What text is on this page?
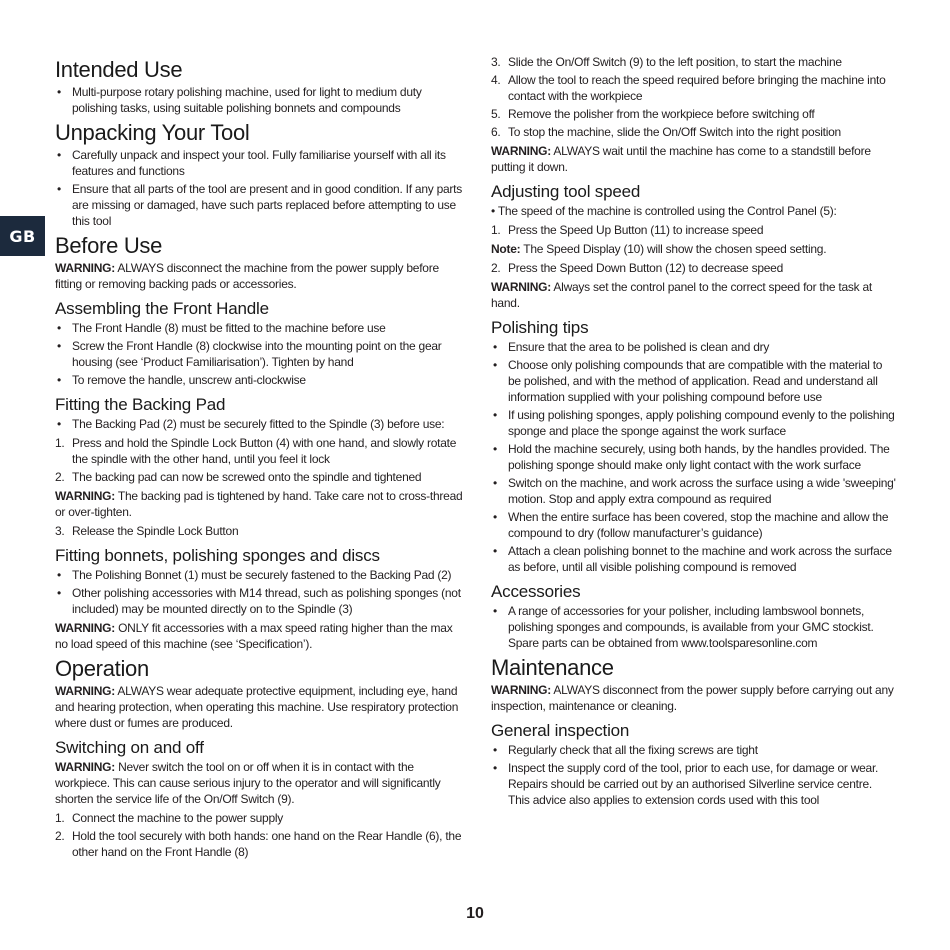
GB
Intended Use
• Multi-purpose rotary polishing machine, used for light to medium duty polishing tasks, using suitable polishing bonnets and compounds
Unpacking Your Tool
• Carefully unpack and inspect your tool. Fully familiarise yourself with all its features and functions
• Ensure that all parts of the tool are present and in good condition. If any parts are missing or damaged, have such parts replaced before attempting to use this tool
Before Use

WARNING: ALWAYS disconnect the machine from the power supply before fitting or removing backing pads or accessories.

Assembling the Front Handle
• The Front Handle (8) must be fitted to the machine before use
• Screw the Front Handle (8) clockwise into the mounting point on the gear housing (see ‘Product Familiarisation’). Tighten by hand
• To remove the handle, unscrew anti-clockwise
Fitting the Backing Pad
• The Backing Pad (2) must be securely fitted to the Spindle (3) before use:
1. Press and hold the Spindle Lock Button (4) with one hand, and slowly rotate the spindle with the other hand, until you feel it lock
2. The backing pad can now be screwed onto the spindle and tightened

WARNING: The backing pad is tightened by hand. Take care not to cross-thread or over-tighten.

3. Release the Spindle Lock Button
Fitting bonnets, polishing sponges and discs
• The Polishing Bonnet (1) must be securely fastened to the Backing Pad (2)
• Other polishing accessories with M14 thread, such as polishing sponges (not included) may be mounted directly on to the Spindle (3)

WARNING: ONLY fit accessories with a max speed rating higher than the max no load speed of this machine (see ‘Specification’).

Operation

WARNING: ALWAYS wear adequate protective equipment, including eye, hand and hearing protection, when operating this machine. Use respiratory protection where dust or fumes are produced.

Switching on and off

WARNING: Never switch the tool on or off when it is in contact with the workpiece. This can cause serious injury to the operator and will significantly shorten the service life of the On/Off Switch (9).

1. Connect the machine to the power supply
2. Hold the tool securely with both hands: one hand on the Rear Handle (6), the other hand on the Front Handle (8)
3. Slide the On/Off Switch (9) to the left position, to start the machine
4. Allow the tool to reach the speed required before bringing the machine into contact with the workpiece
5. Remove the polisher from the workpiece before switching off
6. To stop the machine, slide the On/Off Switch into the right position

WARNING: ALWAYS wait until the machine has come to a standstill before putting it down.

Adjusting tool speed

• The speed of the machine is controlled using the Control Panel (5):

1. Press the Speed Up Button (11) to increase speed

Note: The Speed Display (10) will show the chosen speed setting.

2. Press the Speed Down Button (12) to decrease speed

WARNING: Always set the control panel to the correct speed for the task at hand.

Polishing tips
• Ensure that the area to be polished is clean and dry
• Choose only polishing compounds that are compatible with the material to be polished, and with the method of application. Read and understand all information supplied with your polishing compound before use
• If using polishing sponges, apply polishing compound evenly to the polishing sponge and place the sponge against the work surface
• Hold the machine securely, using both hands, by the handles provided. The polishing sponge should make only light contact with the work surface
• Switch on the machine, and work across the surface using a wide 'sweeping' motion. Stop and apply extra compound as required
• When the entire surface has been covered, stop the machine and allow the compound to dry (follow manufacturer’s guidance)
• Attach a clean polishing bonnet to the machine and work across the surface as before, until all visible polishing compound is removed
Accessories
• A range of accessories for your polisher, including lambswool bonnets, polishing sponges and compounds, is available from your GMC stockist. Spare parts can be obtained from www.toolsparesonline.com
Maintenance

WARNING: ALWAYS disconnect from the power supply before carrying out any inspection, maintenance or cleaning.

General inspection
• Regularly check that all the fixing screws are tight
• Inspect the supply cord of the tool, prior to each use, for damage or wear. Repairs should be carried out by an authorised Silverline service centre. This advice also applies to extension cords used with this tool
10
